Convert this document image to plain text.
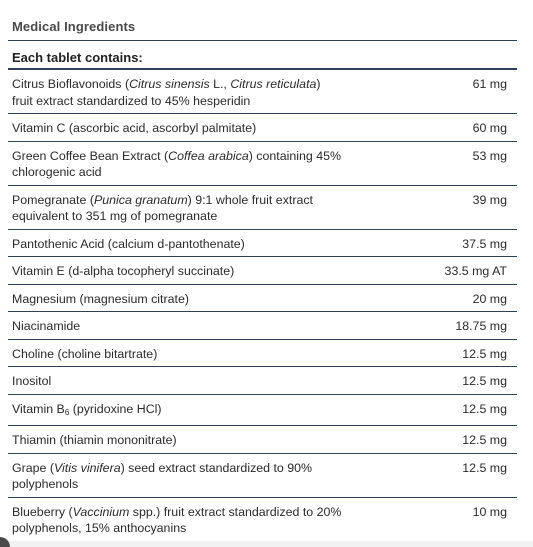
Medical Ingredients
Each tablet contains:
Citrus Bioflavonoids (Citrus sinensis L., Citrus reticulata) fruit extract standardized to 45% hesperidin	61 mg
Vitamin C (ascorbic acid, ascorbyl palmitate)	60 mg
Green Coffee Bean Extract (Coffea arabica) containing 45% chlorogenic acid	53 mg
Pomegranate (Punica granatum) 9:1 whole fruit extract equivalent to 351 mg of pomegranate	39 mg
Pantothenic Acid (calcium d-pantothenate)	37.5 mg
Vitamin E (d-alpha tocopheryl succinate)	33.5 mg AT
Magnesium (magnesium citrate)	20 mg
Niacinamide	18.75 mg
Choline (choline bitartrate)	12.5 mg
Inositol	12.5 mg
Vitamin $B_6$ (pyridoxine HCl)	12.5 mg
Thiamin (thiamin mononitrate)	12.5 mg
Grape (Vitis vinifera) seed extract standardized to 90% polyphenols	12.5 mg
Blueberry (Vaccinium spp.) fruit extract standardized to 20% polyphenols, 15% anthocyanins	10 mg
